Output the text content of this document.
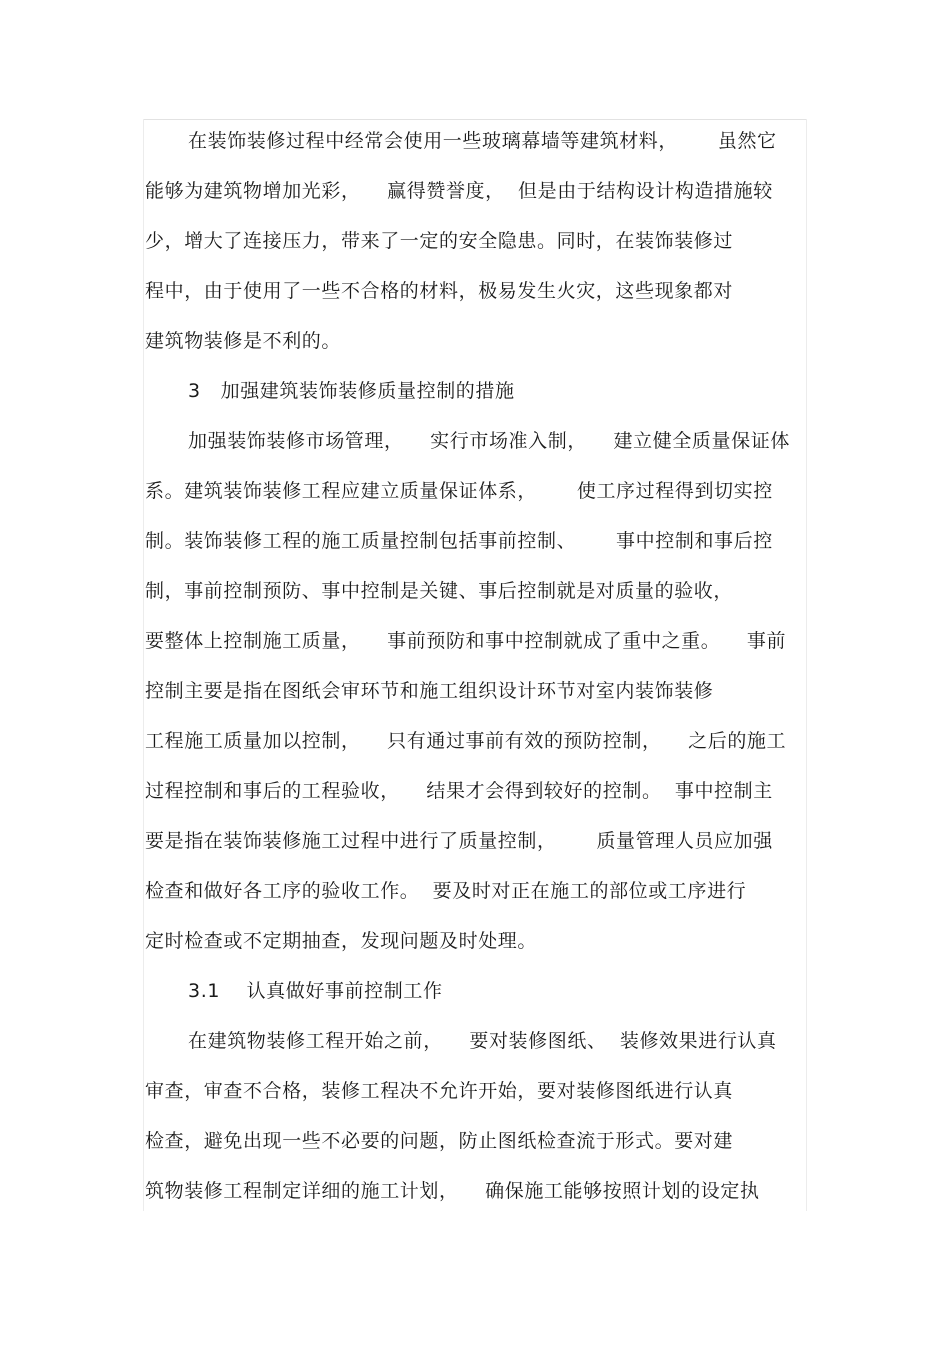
在装饰装修过程中经常会使用一些玻璃幕墙等建筑材料，      虽然它
能够为建筑物增加光彩，    赢得赞誉度，  但是由于结构设计构造措施较
少，增大了连接压力，带来了一定的安全隐患。同时，在装饰装修过
程中，由于使用了一些不合格的材料，极易发生火灾，这些现象都对
建筑物装修是不利的。
3   加强建筑装饰装修质量控制的措施
加强装饰装修市场管理，    实行市场准入制，    建立健全质量保证体
系。建筑装饰装修工程应建立质量保证体系，      使工序过程得到切实控
制。装饰装修工程的施工质量控制包括事前控制、      事中控制和事后控
制，事前控制预防、事中控制是关键、事后控制就是对质量的验收，
要整体上控制施工质量，    事前预防和事中控制就成了重中之重。    事前
控制主要是指在图纸会审环节和施工组织设计环节对室内装饰装修
工程施工质量加以控制，    只有通过事前有效的预防控制，    之后的施工
过程控制和事后的工程验收，    结果才会得到较好的控制。  事中控制主
要是指在装饰装修施工过程中进行了质量控制，      质量管理人员应加强
检查和做好各工序的验收工作。  要及时对正在施工的部位或工序进行
定时检查或不定期抽查，发现问题及时处理。
3.1    认真做好事前控制工作
在建筑物装修工程开始之前，    要对装修图纸、  装修效果进行认真
审查，审查不合格，装修工程决不允许开始，要对装修图纸进行认真
检查，避免出现一些不必要的问题，防止图纸检查流于形式。要对建
筑物装修工程制定详细的施工计划，    确保施工能够按照计划的设定执
